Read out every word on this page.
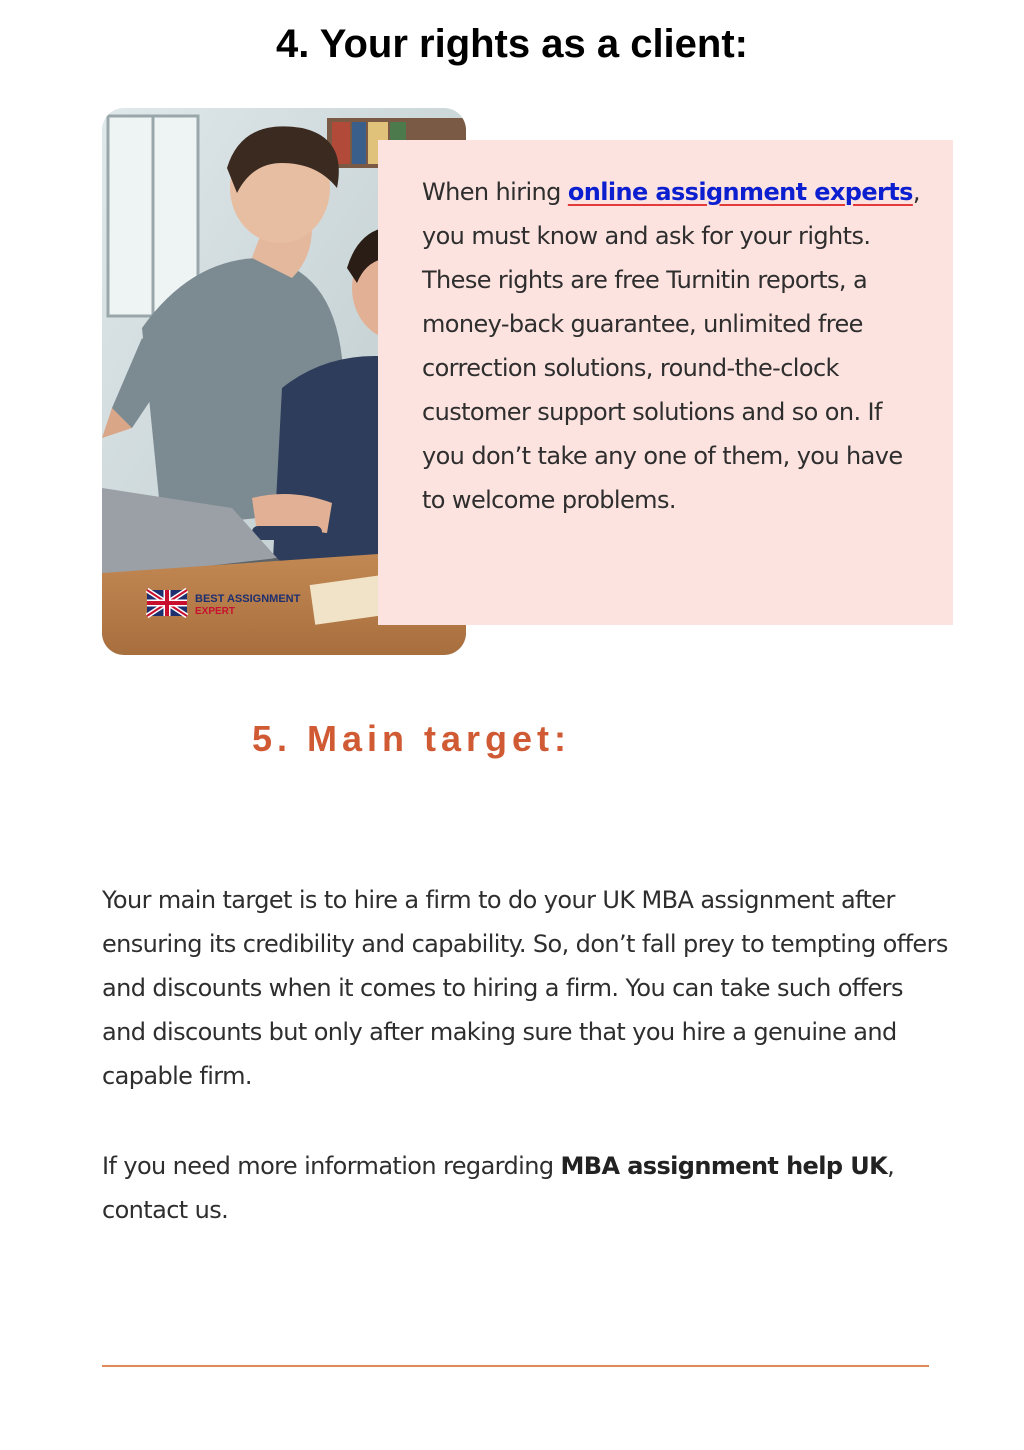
4. Your rights as a client:
BEST ASSIGNMENT
EXPERT

When hiring online assignment experts, you must know and ask for your rights. These rights are free Turnitin reports, a money-back guarantee, unlimited free correction solutions, round-the-clock customer support solutions and so on. If you don’t take any one of them, you have to welcome problems.

5. Main target:

Your main target is to hire a firm to do your UK MBA assignment after ensuring its credibility and capability. So, don’t fall prey to tempting offers and discounts when it comes to hiring a firm. You can take such offers and discounts but only after making sure that you hire a genuine and capable firm.

If you need more information regarding MBA assignment help UK, contact us.
